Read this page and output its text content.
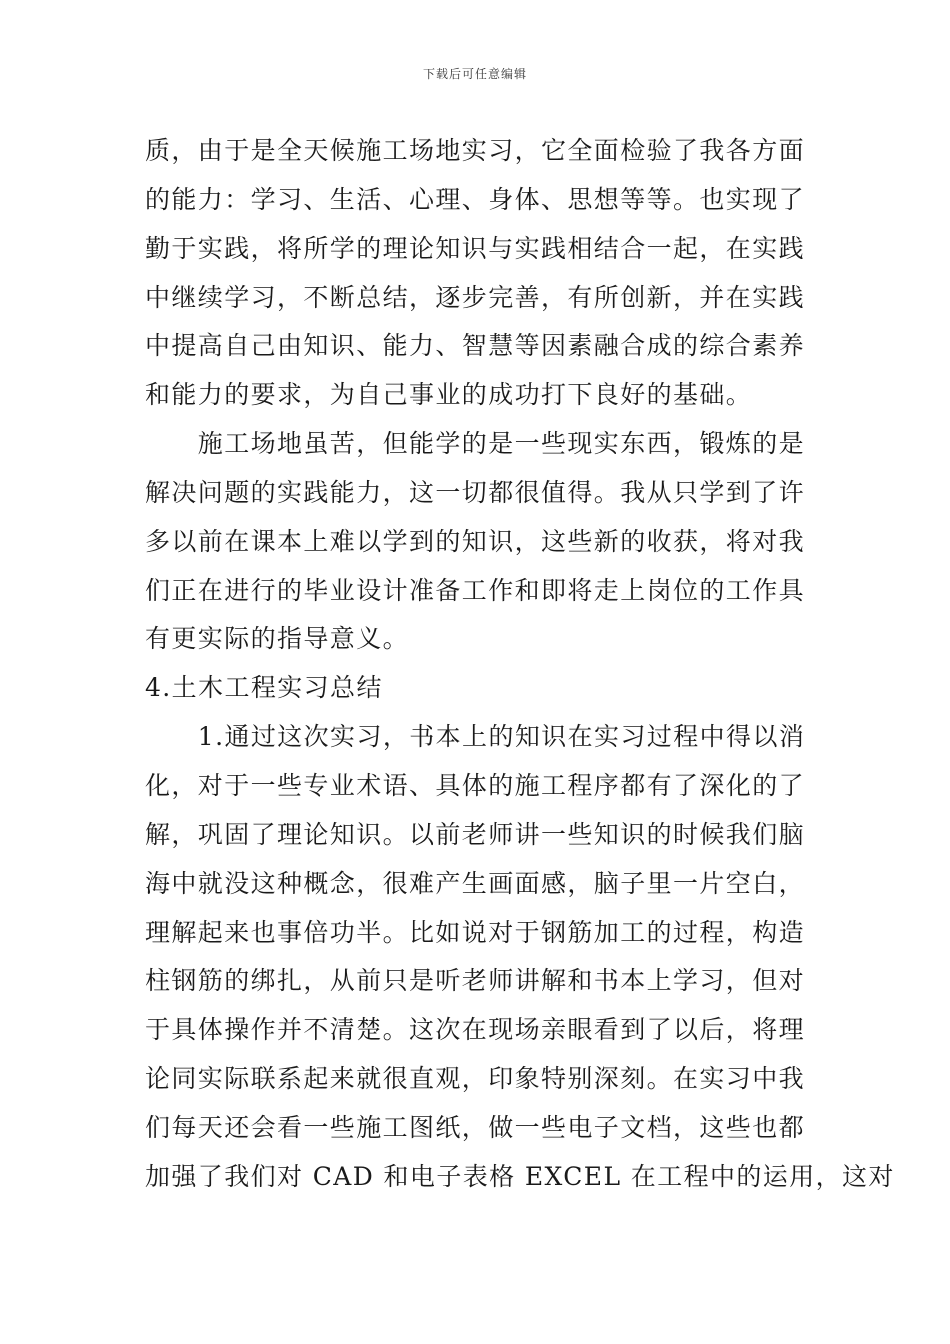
下载后可任意编辑
质，由于是全天候施工场地实习，它全面检验了我各方面
的能力：学习、生活、心理、身体、思想等等。也实现了
勤于实践，将所学的理论知识与实践相结合一起，在实践
中继续学习，不断总结，逐步完善，有所创新，并在实践
中提高自己由知识、能力、智慧等因素融合成的综合素养
和能力的要求，为自己事业的成功打下良好的基础。
　　施工场地虽苦，但能学的是一些现实东西，锻炼的是
解决问题的实践能力，这一切都很值得。我从只学到了许
多以前在课本上难以学到的知识，这些新的收获，将对我
们正在进行的毕业设计准备工作和即将走上岗位的工作具
有更实际的指导意义。
4.土木工程实习总结
　　1.通过这次实习，书本上的知识在实习过程中得以消
化，对于一些专业术语、具体的施工程序都有了深化的了
解，巩固了理论知识。以前老师讲一些知识的时候我们脑
海中就没这种概念，很难产生画面感，脑子里一片空白，
理解起来也事倍功半。比如说对于钢筋加工的过程，构造
柱钢筋的绑扎，从前只是听老师讲解和书本上学习，但对
于具体操作并不清楚。这次在现场亲眼看到了以后，将理
论同实际联系起来就很直观，印象特别深刻。在实习中我
们每天还会看一些施工图纸，做一些电子文档，这些也都
加强了我们对 CAD 和电子表格 EXCEL 在工程中的运用，这对
